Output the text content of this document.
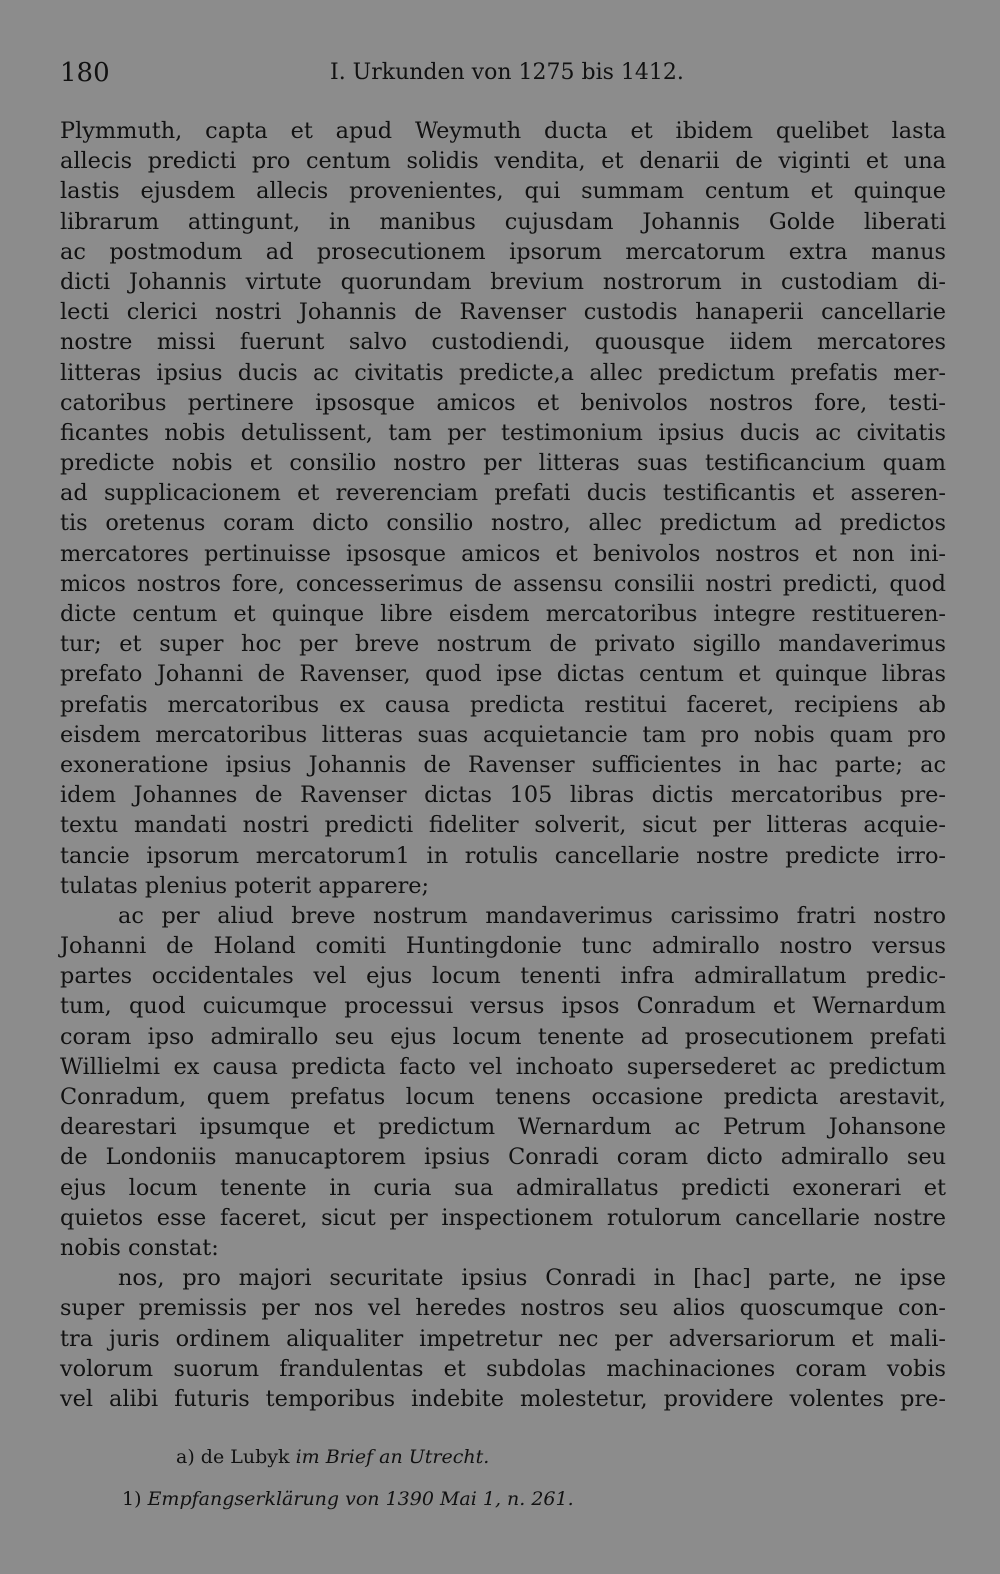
180	I. Urkunden von 1275 bis 1412.
Plymmuth, capta et apud Weymuth ducta et ibidem quelibet lasta
allecis predicti pro centum solidis vendita, et denarii de viginti et una
lastis ejusdem allecis provenientes, qui summam centum et quinque
librarum attingunt, in manibus cujusdam Johannis Golde liberati
ac postmodum ad prosecutionem ipsorum mercatorum extra manus
dicti Johannis virtute quorundam brevium nostrorum in custodiam di-
lecti clerici nostri Johannis de Ravenser custodis hanaperii cancellarie
nostre missi fuerunt salvo custodiendi, quousque iidem mercatores
litteras ipsius ducis ac civitatis predicte,a allec predictum prefatis mer-
catoribus pertinere ipsosque amicos et benivolos nostros fore, testi-
ficantes nobis detulissent, tam per testimonium ipsius ducis ac civitatis
predicte nobis et consilio nostro per litteras suas testificancium quam
ad supplicacionem et reverenciam prefati ducis testificantis et asseren-
tis oretenus coram dicto consilio nostro, allec predictum ad predictos
mercatores pertinuisse ipsosque amicos et benivolos nostros et non ini-
micos nostros fore, concesserimus de assensu consilii nostri predicti, quod
dicte centum et quinque libre eisdem mercatoribus integre restitueren-
tur; et super hoc per breve nostrum de privato sigillo mandaverimus
prefato Johanni de Ravenser, quod ipse dictas centum et quinque libras
prefatis mercatoribus ex causa predicta restitui faceret, recipiens ab
eisdem mercatoribus litteras suas acquietancie tam pro nobis quam pro
exoneratione ipsius Johannis de Ravenser sufficientes in hac parte; ac
idem Johannes de Ravenser dictas 105 libras dictis mercatoribus pre-
textu mandati nostri predicti fideliter solverit, sicut per litteras acquie-
tancie ipsorum mercatorum1 in rotulis cancellarie nostre predicte irro-
tulatas plenius poterit apparere;
ac per aliud breve nostrum mandaverimus carissimo fratri nostro
Johanni de Holand comiti Huntingdonie tunc admirallo nostro versus
partes occidentales vel ejus locum tenenti infra admirallatum predic-
tum, quod cuicumque processui versus ipsos Conradum et Wernardum
coram ipso admirallo seu ejus locum tenente ad prosecutionem prefati
Willielmi ex causa predicta facto vel inchoato supersederet ac predictum
Conradum, quem prefatus locum tenens occasione predicta arestavit,
dearestari ipsumque et predictum Wernardum ac Petrum Johansone
de Londoniis manucaptorem ipsius Conradi coram dicto admirallo seu
ejus locum tenente in curia sua admirallatus predicti exonerari et
quietos esse faceret, sicut per inspectionem rotulorum cancellarie nostre
nobis constat:
nos, pro majori securitate ipsius Conradi in [hac] parte, ne ipse
super premissis per nos vel heredes nostros seu alios quoscumque con-
tra juris ordinem aliqualiter impetretur nec per adversariorum et mali-
volorum suorum frandulentas et subdolas machinaciones coram vobis
vel alibi futuris temporibus indebite molestetur, providere volentes pre-
a) de Lubyk im Brief an Utrecht.
1) Empfangserklärung von 1390 Mai 1, n. 261.
